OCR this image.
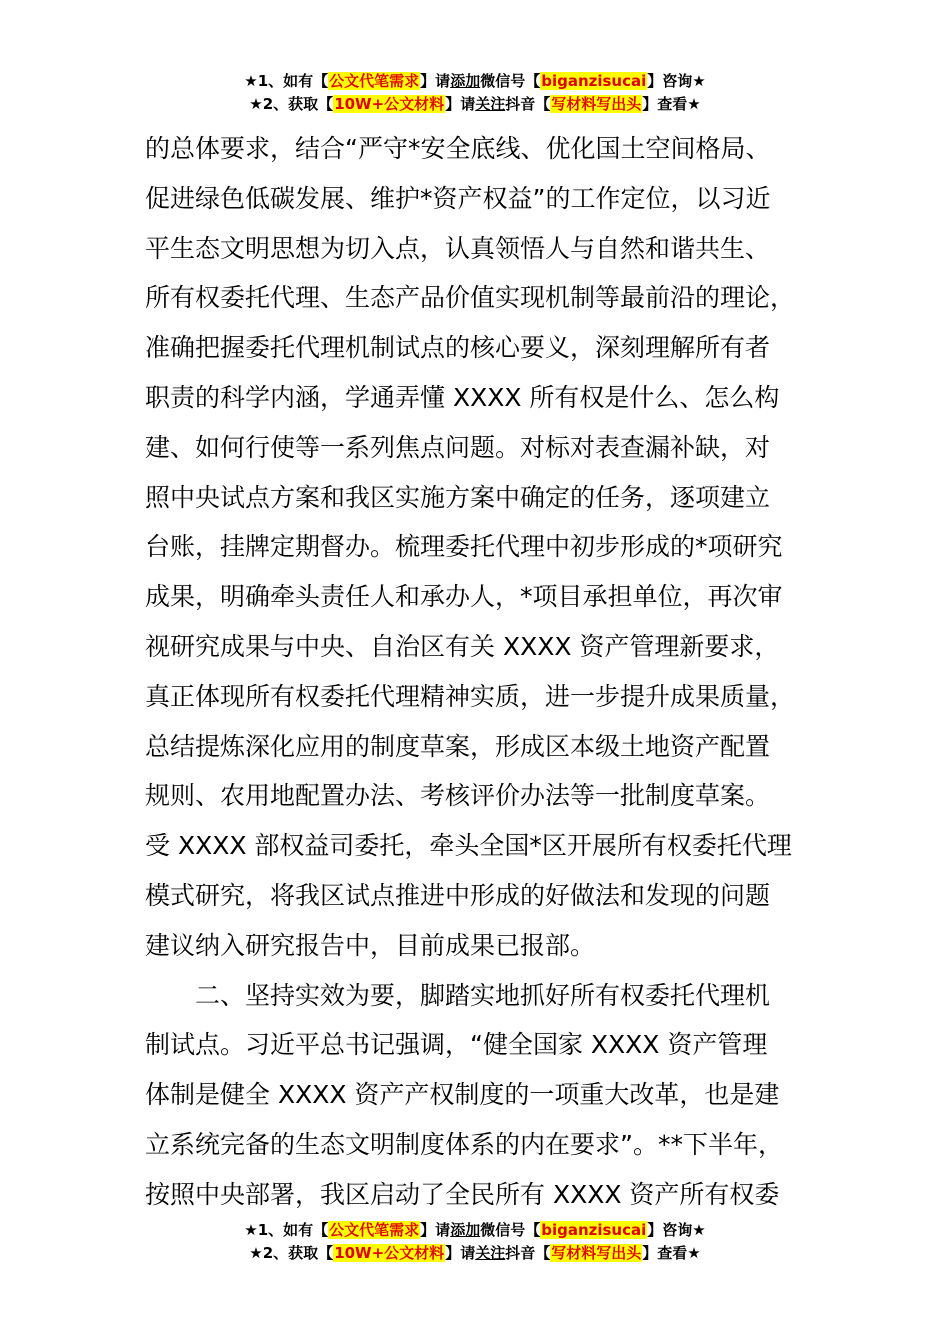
★1、如有【公文代笔需求】请添加微信号【biganzisucai】咨询★
★2、获取【10W+公文材料】请关注抖音【写材料写出头】查看★
的总体要求，结合“严守*安全底线、优化国土空间格局、
促进绿色低碳发展、维护*资产权益”的工作定位，以习近
平生态文明思想为切入点，认真领悟人与自然和谐共生、
所有权委托代理、生态产品价值实现机制等最前沿的理论，
准确把握委托代理机制试点的核心要义，深刻理解所有者
职责的科学内涵，学通弄懂 XXXX 所有权是什么、怎么构
建、如何行使等一系列焦点问题。对标对表查漏补缺，对
照中央试点方案和我区实施方案中确定的任务，逐项建立
台账，挂牌定期督办。梳理委托代理中初步形成的*项研究
成果，明确牵头责任人和承办人，*项目承担单位，再次审
视研究成果与中央、自治区有关 XXXX 资产管理新要求，
真正体现所有权委托代理精神实质，进一步提升成果质量，
总结提炼深化应用的制度草案，形成区本级土地资产配置
规则、农用地配置办法、考核评价办法等一批制度草案。
受 XXXX 部权益司委托，牵头全国*区开展所有权委托代理
模式研究，将我区试点推进中形成的好做法和发现的问题
建议纳入研究报告中，目前成果已报部。
二、坚持实效为要，脚踏实地抓好所有权委托代理机
制试点。习近平总书记强调，“健全国家 XXXX 资产管理
体制是健全 XXXX 资产产权制度的一项重大改革，也是建
立系统完备的生态文明制度体系的内在要求”。**下半年，
按照中央部署，我区启动了全民所有 XXXX 资产所有权委
★1、如有【公文代笔需求】请添加微信号【biganzisucai】咨询★
★2、获取【10W+公文材料】请关注抖音【写材料写出头】查看★
